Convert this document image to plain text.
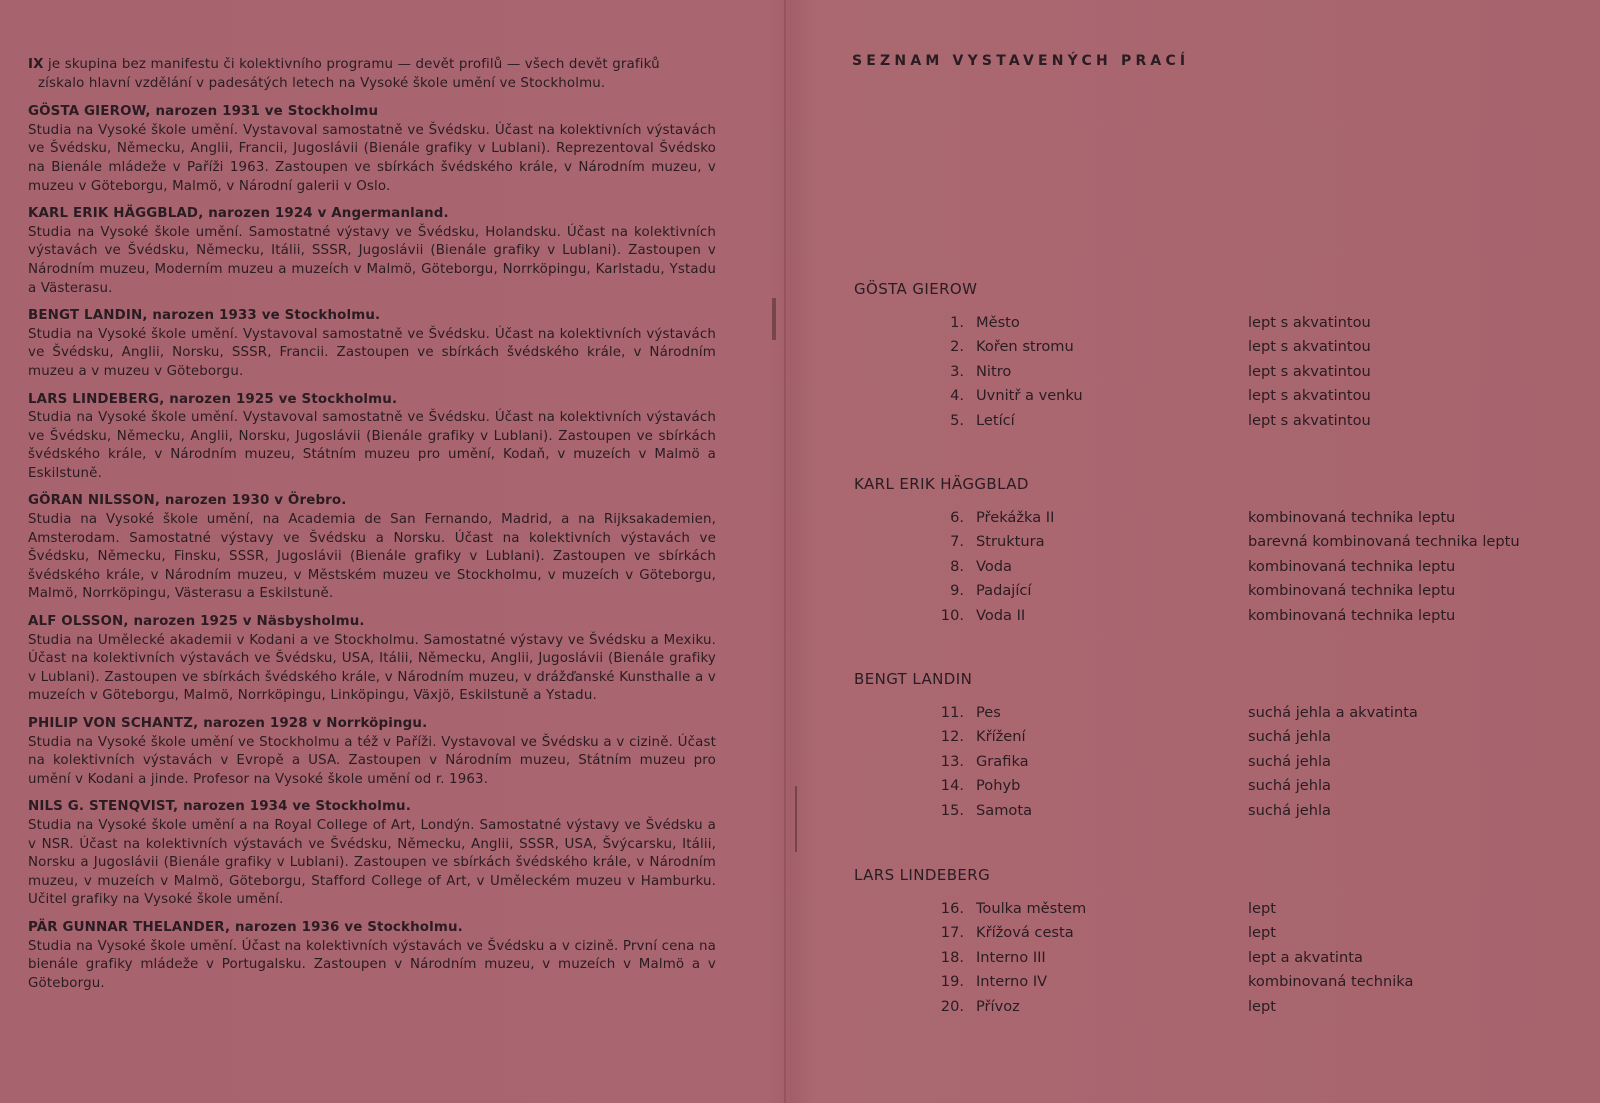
IX je skupina bez manifestu či kolektivního programu — devět profilů — všech devět grafiků
získalo hlavní vzdělání v padesátých letech na Vysoké škole umění ve Stockholmu.

GÖSTA GIEROW, narozen 1931 ve Stockholmu
Studia na Vysoké škole umění. Vystavoval samostatně ve Švédsku. Účast na kolektivních výstavách ve Švédsku, Německu, Anglii, Francii, Jugoslávii (Bienále grafiky v Lublani). Reprezentoval Švédsko na Bienále mládeže v Paříži 1963. Zastoupen ve sbírkách švédského krále, v Národním muzeu, v muzeu v Göteborgu, Malmö, v Národní galerii v Oslo.

KARL ERIK HÄGGBLAD, narozen 1924 v Angermanland.
Studia na Vysoké škole umění. Samostatné výstavy ve Švédsku, Holandsku. Účast na kolektivních výstavách ve Švédsku, Německu, Itálii, SSSR, Jugoslávii (Bienále grafiky v Lublani). Zastoupen v Národním muzeu, Moderním muzeu a muzeích v Malmö, Göteborgu, Norrköpingu, Karlstadu, Ystadu a Västerasu.

BENGT LANDIN, narozen 1933 ve Stockholmu.
Studia na Vysoké škole umění. Vystavoval samostatně ve Švédsku. Účast na kolektivních výstavách ve Švédsku, Anglii, Norsku, SSSR, Francii. Zastoupen ve sbírkách švédského krále, v Národním muzeu a v muzeu v Göteborgu.

LARS LINDEBERG, narozen 1925 ve Stockholmu.
Studia na Vysoké škole umění. Vystavoval samostatně ve Švédsku. Účast na kolektivních výstavách ve Švédsku, Německu, Anglii, Norsku, Jugoslávii (Bienále grafiky v Lublani). Zastoupen ve sbírkách švédského krále, v Národním muzeu, Státním muzeu pro umění, Kodaň, v muzeích v Malmö a Eskilstuně.

GÖRAN NILSSON, narozen 1930 v Örebro.
Studia na Vysoké škole umění, na Academia de San Fernando, Madrid, a na Rijksakademien, Amsterodam. Samostatné výstavy ve Švédsku a Norsku. Účast na kolektivních výstavách ve Švédsku, Německu, Finsku, SSSR, Jugoslávii (Bienále grafiky v Lublani). Zastoupen ve sbírkách švédského krále, v Národním muzeu, v Městském muzeu ve Stockholmu, v muzeích v Göteborgu, Malmö, Norrköpingu, Västerasu a Eskilstuně.

ALF OLSSON, narozen 1925 v Näsbysholmu.
Studia na Umělecké akademii v Kodani a ve Stockholmu. Samostatné výstavy ve Švédsku a Mexiku. Účast na kolektivních výstavách ve Švédsku, USA, Itálii, Německu, Anglii, Jugoslávii (Bienále grafiky v Lublani). Zastoupen ve sbírkách švédského krále, v Národním muzeu, v drážďanské Kunsthalle a v muzeích v Göteborgu, Malmö, Norrköpingu, Linköpingu, Växjö, Eskilstuně a Ystadu.

PHILIP VON SCHANTZ, narozen 1928 v Norrköpingu.
Studia na Vysoké škole umění ve Stockholmu a též v Paříži. Vystavoval ve Švédsku a v cizině. Účast na kolektivních výstavách v Evropě a USA. Zastoupen v Národním muzeu, Státním muzeu pro umění v Kodani a jinde. Profesor na Vysoké škole umění od r. 1963.

NILS G. STENQVIST, narozen 1934 ve Stockholmu.
Studia na Vysoké škole umění a na Royal College of Art, Londýn. Samostatné výstavy ve Švédsku a v NSR. Účast na kolektivních výstavách ve Švédsku, Německu, Anglii, SSSR, USA, Švýcarsku, Itálii, Norsku a Jugoslávii (Bienále grafiky v Lublani). Zastoupen ve sbírkách švédského krále, v Národním muzeu, v muzeích v Malmö, Göteborgu, Stafford College of Art, v Uměleckém muzeu v Hamburku. Učitel grafiky na Vysoké škole umění.

PÄR GUNNAR THELANDER, narozen 1936 ve Stockholmu.
Studia na Vysoké škole umění. Účast na kolektivních výstavách ve Švédsku a v cizině. První cena na bienále grafiky mládeže v Portugalsku. Zastoupen v Národním muzeu, v muzeích v Malmö a v Göteborgu.

SEZNAM VYSTAVENÝCH PRACÍ
GÖSTA GIEROW
1. Město	lept s akvatintou
2. Kořen stromu	lept s akvatintou
3. Nitro	lept s akvatintou
4. Uvnitř a venku	lept s akvatintou
5. Letící	lept s akvatintou
KARL ERIK HÄGGBLAD
6. Překážka II	kombinovaná technika leptu
7. Struktura	barevná kombinovaná technika leptu
8. Voda	kombinovaná technika leptu
9. Padající	kombinovaná technika leptu
10. Voda II	kombinovaná technika leptu
BENGT LANDIN
11. Pes	suchá jehla a akvatinta
12. Křížení	suchá jehla
13. Grafika	suchá jehla
14. Pohyb	suchá jehla
15. Samota	suchá jehla
LARS LINDEBERG
16. Toulka městem	lept
17. Křížová cesta	lept
18. Interno III	lept a akvatinta
19. Interno IV	kombinovaná technika
20. Přívoz	lept
